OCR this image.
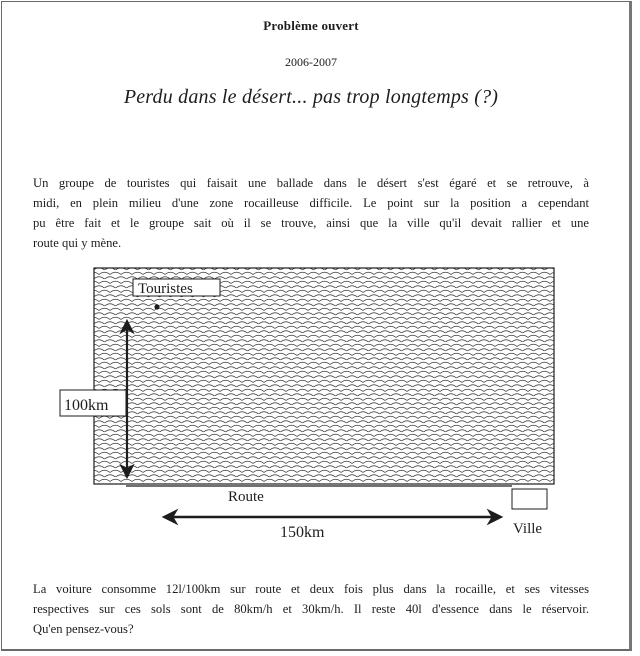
Problème ouvert
2006-2007
Perdu dans le désert... pas trop longtemps (?)
Un groupe de touristes qui faisait une ballade dans le désert s'est égaré et se retrouve, à
midi, en plein milieu d'une zone rocailleuse difficile. Le point sur la position a cependant
pu être fait et le groupe sait où il se trouve, ainsi que la ville qu'il devait rallier et une
route qui y mène.
Touristes
100km
Route
150km	Ville
La voiture consomme 12l/100km sur route et deux fois plus dans la rocaille, et ses vitesses
respectives sur ces sols sont de 80km/h et 30km/h. Il reste 40l d'essence dans le réservoir.
Qu'en pensez-vous?
